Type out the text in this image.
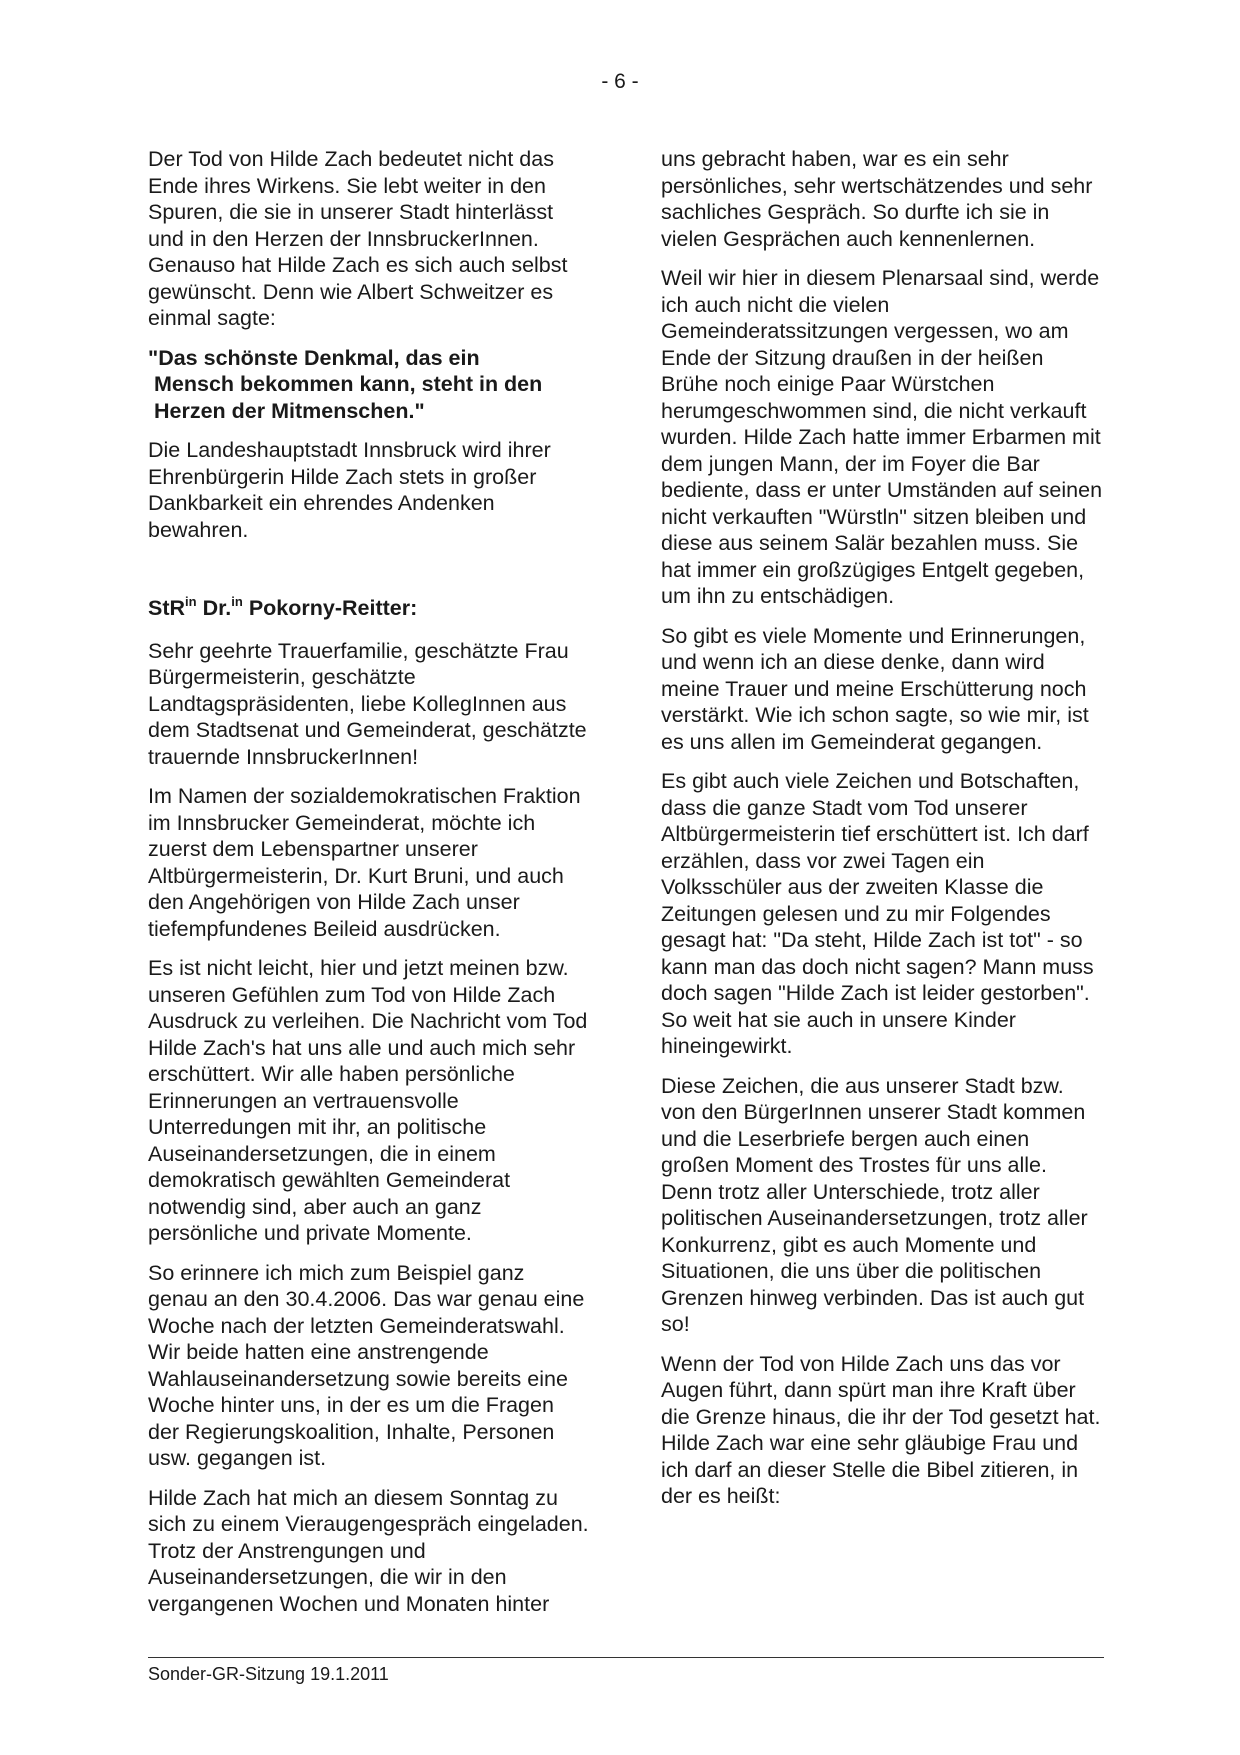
- 6 -

Der Tod von Hilde Zach bedeutet nicht das Ende ihres Wirkens. Sie lebt weiter in den Spuren, die sie in unserer Stadt hinterlässt und in den Herzen der InnsbruckerInnen. Genauso hat Hilde Zach es sich auch selbst gewünscht. Denn wie Albert Schweitzer es einmal sagte:

"Das schönste Denkmal, das ein
Mensch bekommen kann, steht in den
Herzen der Mitmenschen."

Die Landeshauptstadt Innsbruck wird ihrer Ehrenbürgerin Hilde Zach stets in großer Dankbarkeit ein ehrendes Andenken bewahren.

StR$^{in}$ Dr.$^{in}$ Pokorny-Reitter:

Sehr geehrte Trauerfamilie, geschätzte Frau Bürgermeisterin, geschätzte Landtagspräsidenten, liebe KollegInnen aus dem Stadtsenat und Gemeinderat, geschätzte trauernde InnsbruckerInnen!

Im Namen der sozialdemokratischen Fraktion im Innsbrucker Gemeinderat, möchte ich zuerst dem Lebenspartner unserer Altbürgermeisterin, Dr. Kurt Bruni, und auch den Angehörigen von Hilde Zach unser tiefempfundenes Beileid ausdrücken.

Es ist nicht leicht, hier und jetzt meinen bzw. unseren Gefühlen zum Tod von Hilde Zach Ausdruck zu verleihen. Die Nachricht vom Tod Hilde Zach's hat uns alle und auch mich sehr erschüttert. Wir alle haben persönliche Erinnerungen an vertrauensvolle Unterredungen mit ihr, an politische Auseinandersetzungen, die in einem demokratisch gewählten Gemeinderat notwendig sind, aber auch an ganz persönliche und private Momente.

So erinnere ich mich zum Beispiel ganz genau an den 30.4.2006. Das war genau eine Woche nach der letzten Gemeinderatswahl. Wir beide hatten eine anstrengende Wahlauseinandersetzung sowie bereits eine Woche hinter uns, in der es um die Fragen der Regierungskoalition, Inhalte, Personen usw. gegangen ist.

Hilde Zach hat mich an diesem Sonntag zu sich zu einem Vieraugengespräch eingeladen. Trotz der Anstrengungen und Auseinandersetzungen, die wir in den vergangenen Wochen und Monaten hinter

uns gebracht haben, war es ein sehr persönliches, sehr wertschätzendes und sehr sachliches Gespräch. So durfte ich sie in vielen Gesprächen auch kennenlernen.

Weil wir hier in diesem Plenarsaal sind, werde ich auch nicht die vielen Gemeinderatssitzungen vergessen, wo am Ende der Sitzung draußen in der heißen Brühe noch einige Paar Würstchen herumgeschwommen sind, die nicht verkauft wurden. Hilde Zach hatte immer Erbarmen mit dem jungen Mann, der im Foyer die Bar bediente, dass er unter Umständen auf seinen nicht verkauften "Würstln" sitzen bleiben und diese aus seinem Salär bezahlen muss. Sie hat immer ein großzügiges Entgelt gegeben, um ihn zu entschädigen.

So gibt es viele Momente und Erinnerungen, und wenn ich an diese denke, dann wird meine Trauer und meine Erschütterung noch verstärkt. Wie ich schon sagte, so wie mir, ist es uns allen im Gemeinderat gegangen.

Es gibt auch viele Zeichen und Botschaften, dass die ganze Stadt vom Tod unserer Altbürgermeisterin tief erschüttert ist. Ich darf erzählen, dass vor zwei Tagen ein Volksschüler aus der zweiten Klasse die Zeitungen gelesen und zu mir Folgendes gesagt hat: "Da steht, Hilde Zach ist tot" - so kann man das doch nicht sagen? Mann muss doch sagen "Hilde Zach ist leider gestorben". So weit hat sie auch in unsere Kinder hineingewirkt.

Diese Zeichen, die aus unserer Stadt bzw. von den BürgerInnen unserer Stadt kommen und die Leserbriefe bergen auch einen großen Moment des Trostes für uns alle. Denn trotz aller Unterschiede, trotz aller politischen Auseinandersetzungen, trotz aller Konkurrenz, gibt es auch Momente und Situationen, die uns über die politischen Grenzen hinweg verbinden. Das ist auch gut so!

Wenn der Tod von Hilde Zach uns das vor Augen führt, dann spürt man ihre Kraft über die Grenze hinaus, die ihr der Tod gesetzt hat. Hilde Zach war eine sehr gläubige Frau und ich darf an dieser Stelle die Bibel zitieren, in der es heißt:

Sonder-GR-Sitzung 19.1.2011
